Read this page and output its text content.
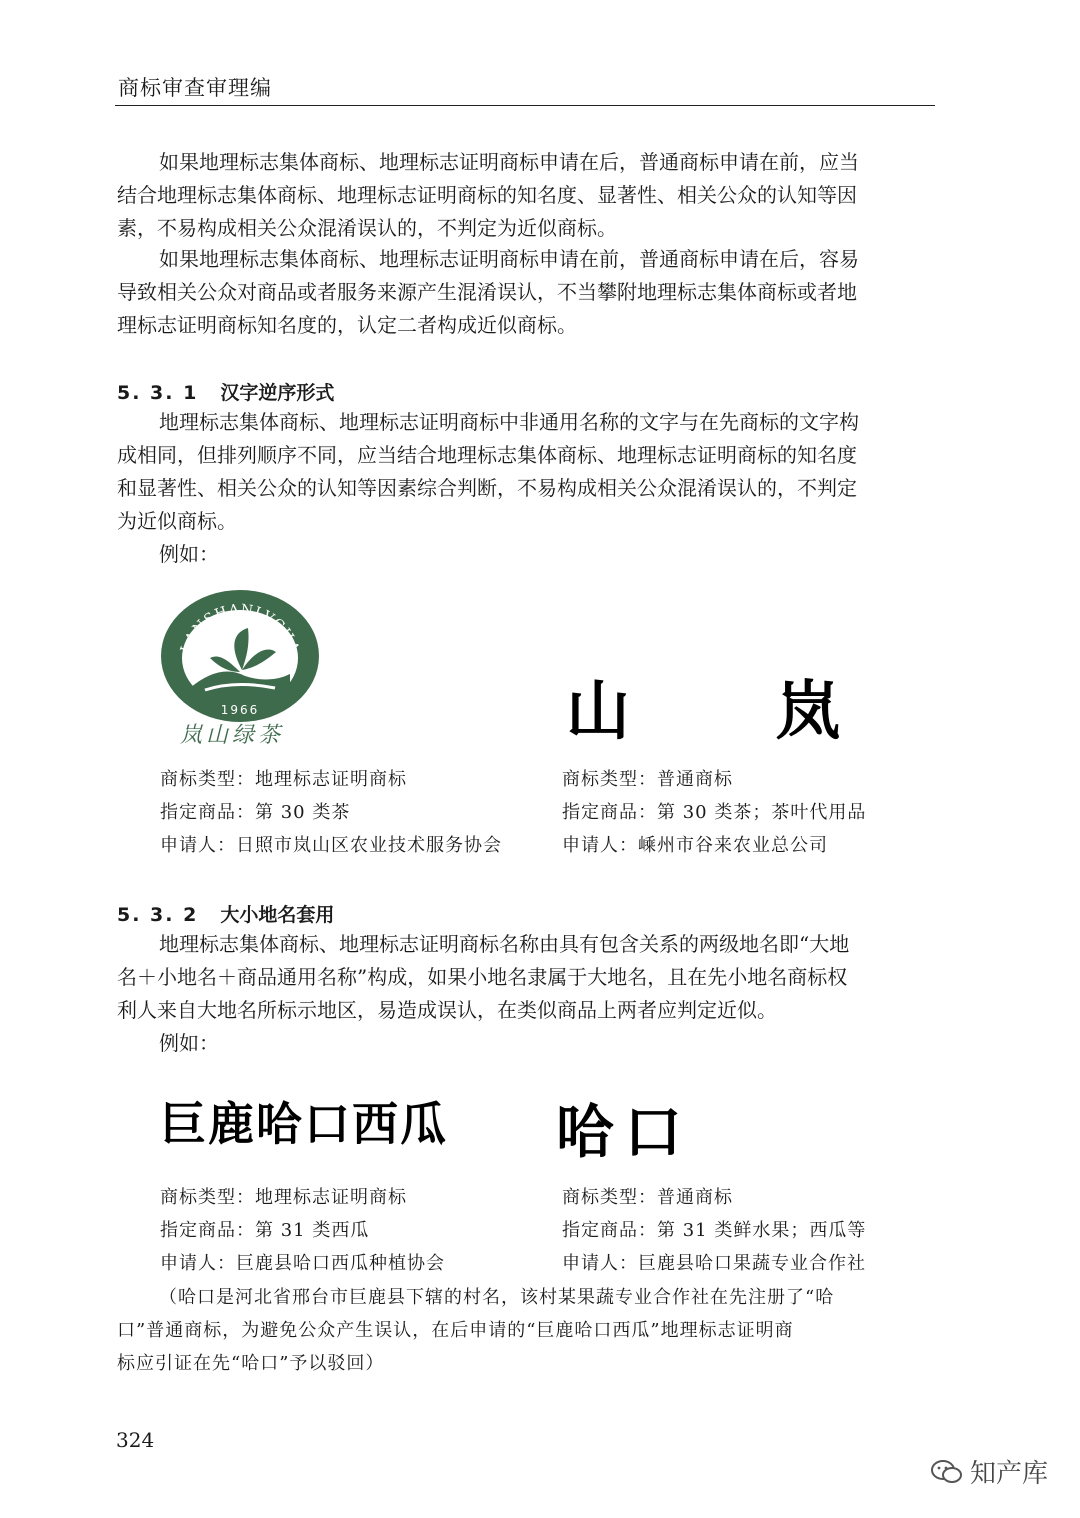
商标审查审理编
如果地理标志集体商标、地理标志证明商标申请在后，普通商标申请在前，应当
结合地理标志集体商标、地理标志证明商标的知名度、显著性、相关公众的认知等因
素，不易构成相关公众混淆误认的，不判定为近似商标。
如果地理标志集体商标、地理标志证明商标申请在前，普通商标申请在后，容易
导致相关公众对商品或者服务来源产生混淆误认，不当攀附地理标志集体商标或者地
理标志证明商标知名度的，认定二者构成近似商标。
5. 3. 1 汉字逆序形式
地理标志集体商标、地理标志证明商标中非通用名称的文字与在先商标的文字构
成相同，但排列顺序不同，应当结合地理标志集体商标、地理标志证明商标的知名度
和显著性、相关公众的认知等因素综合判断，不易构成相关公众混淆误认的，不判定
为近似商标。
例如：
1966
LANSHANLVCHA
岚山绿茶	山　　岚
商标类型：地理标志证明商标
指定商品：第 30 类茶
申请人：日照市岚山区农业技术服务协会
商标类型：普通商标
指定商品：第 30 类茶；茶叶代用品
申请人：嵊州市谷来农业总公司
5. 3. 2 大小地名套用
地理标志集体商标、地理标志证明商标名称由具有包含关系的两级地名即“大地
名＋小地名＋商品通用名称”构成，如果小地名隶属于大地名，且在先小地名商标权
利人来自大地名所标示地区，易造成误认，在类似商品上两者应判定近似。
例如：
巨鹿哈口西瓜 哈口
商标类型：地理标志证明商标
指定商品：第 31 类西瓜
申请人：巨鹿县哈口西瓜种植协会
商标类型：普通商标
指定商品：第 31 类鲜水果；西瓜等
申请人：巨鹿县哈口果蔬专业合作社
（哈口是河北省邢台市巨鹿县下辖的村名，该村某果蔬专业合作社在先注册了“哈
口”普通商标，为避免公众产生误认，在后申请的“巨鹿哈口西瓜”地理标志证明商
标应引证在先“哈口”予以驳回）
324
知产库
